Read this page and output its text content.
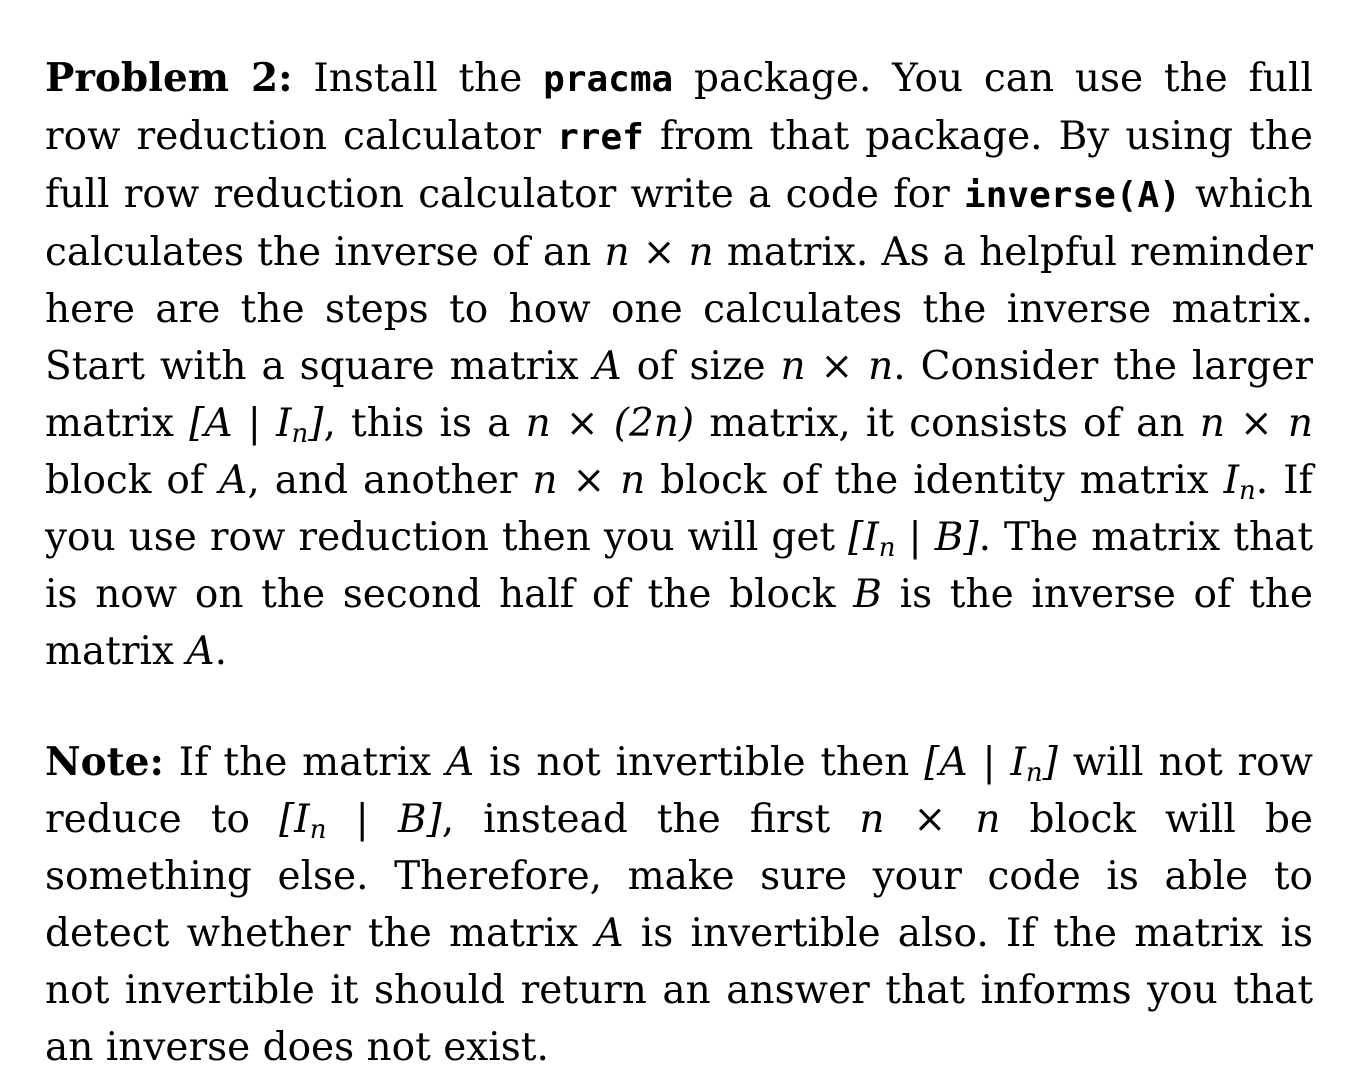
Problem 2: Install the pracma package. You can use the full row reduction calculator rref from that package. By using the full row reduction calculator write a code for inverse(A) which calculates the inverse of an n × n matrix. As a helpful reminder here are the steps to how one calculates the inverse matrix. Start with a square matrix A of size n × n. Consider the larger matrix [A | $I_n$], this is a n × (2n) matrix, it consists of an n × n block of A, and another n × n block of the identity matrix $I_n$. If you use row reduction then you will get [$I_n$ | B]. The matrix that is now on the second half of the block B is the inverse of the matrix A.

Note: If the matrix A is not invertible then [A | $I_n$] will not row reduce to [$I_n$ | B], instead the first n × n block will be something else. Therefore, make sure your code is able to detect whether the matrix A is invertible also. If the matrix is not invertible it should return an answer that informs you that an inverse does not exist.
